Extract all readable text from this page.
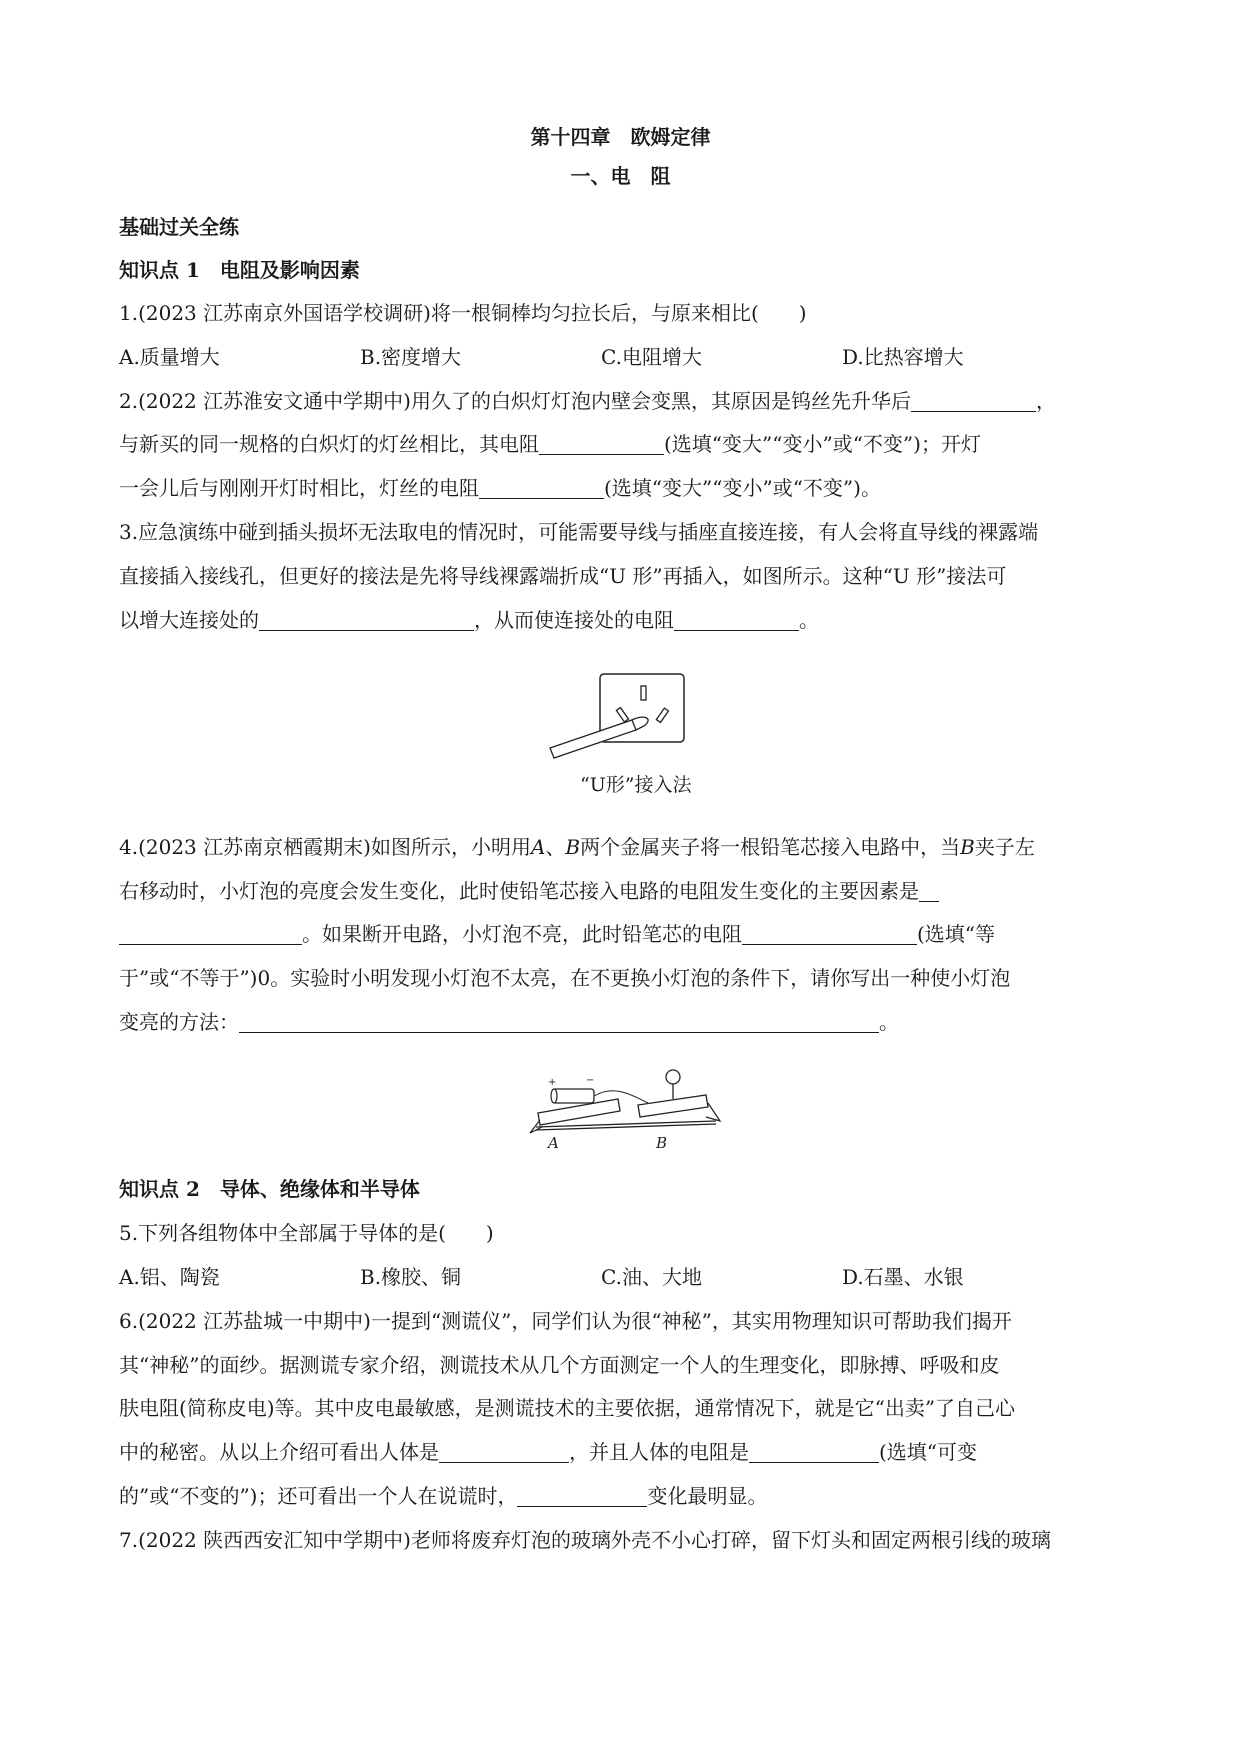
第十四章　欧姆定律
一、电　阻
基础过关全练
知识点 1　电阻及影响因素
1.(2023 江苏南京外国语学校调研)将一根铜棒均匀拉长后，与原来相比(　　)
A.质量增大	B.密度增大	C.电阻增大	D.比热容增大
2.(2022 江苏淮安文通中学期中)用久了的白炽灯灯泡内壁会变黑，其原因是钨丝先升华后	，
与新买的同一规格的白炽灯的灯丝相比，其电阻	(选填“变大”“变小”或“不变”)；开灯
一会儿后与刚刚开灯时相比，灯丝的电阻	(选填“变大”“变小”或“不变”)。
3.应急演练中碰到插头损坏无法取电的情况时，可能需要导线与插座直接连接，有人会将直导线的裸露端
直接插入接线孔，但更好的接法是先将导线裸露端折成“U 形”再插入，如图所示。这种“U 形”接法可
以增大连接处的	，从而使连接处的电阻	。
“U形”接入法
4.(2023 江苏南京栖霞期末)如图所示，小明用A、B两个金属夹子将一根铅笔芯接入电路中，当B夹子左
右移动时，小灯泡的亮度会发生变化，此时使铅笔芯接入电路的电阻发生变化的主要因素是
。如果断开电路，小灯泡不亮，此时铅笔芯的电阻	(选填“等
于”或“不等于”)0。实验时小明发现小灯泡不太亮，在不更换小灯泡的条件下，请你写出一种使小灯泡
变亮的方法：	。
+	−
A	B
知识点 2　导体、绝缘体和半导体
5.下列各组物体中全部属于导体的是(　　)
A.铝、陶瓷	B.橡胶、铜	C.油、大地	D.石墨、水银
6.(2022 江苏盐城一中期中)一提到“测谎仪”，同学们认为很“神秘”，其实用物理知识可帮助我们揭开
其“神秘”的面纱。据测谎专家介绍，测谎技术从几个方面测定一个人的生理变化，即脉搏、呼吸和皮
肤电阻(简称皮电)等。其中皮电最敏感，是测谎技术的主要依据，通常情况下，就是它“出卖”了自己心
中的秘密。从以上介绍可看出人体是	，并且人体的电阻是	(选填“可变
的”或“不变的”)；还可看出一个人在说谎时，	变化最明显。
7.(2022 陕西西安汇知中学期中)老师将废弃灯泡的玻璃外壳不小心打碎，留下灯头和固定两根引线的玻璃
